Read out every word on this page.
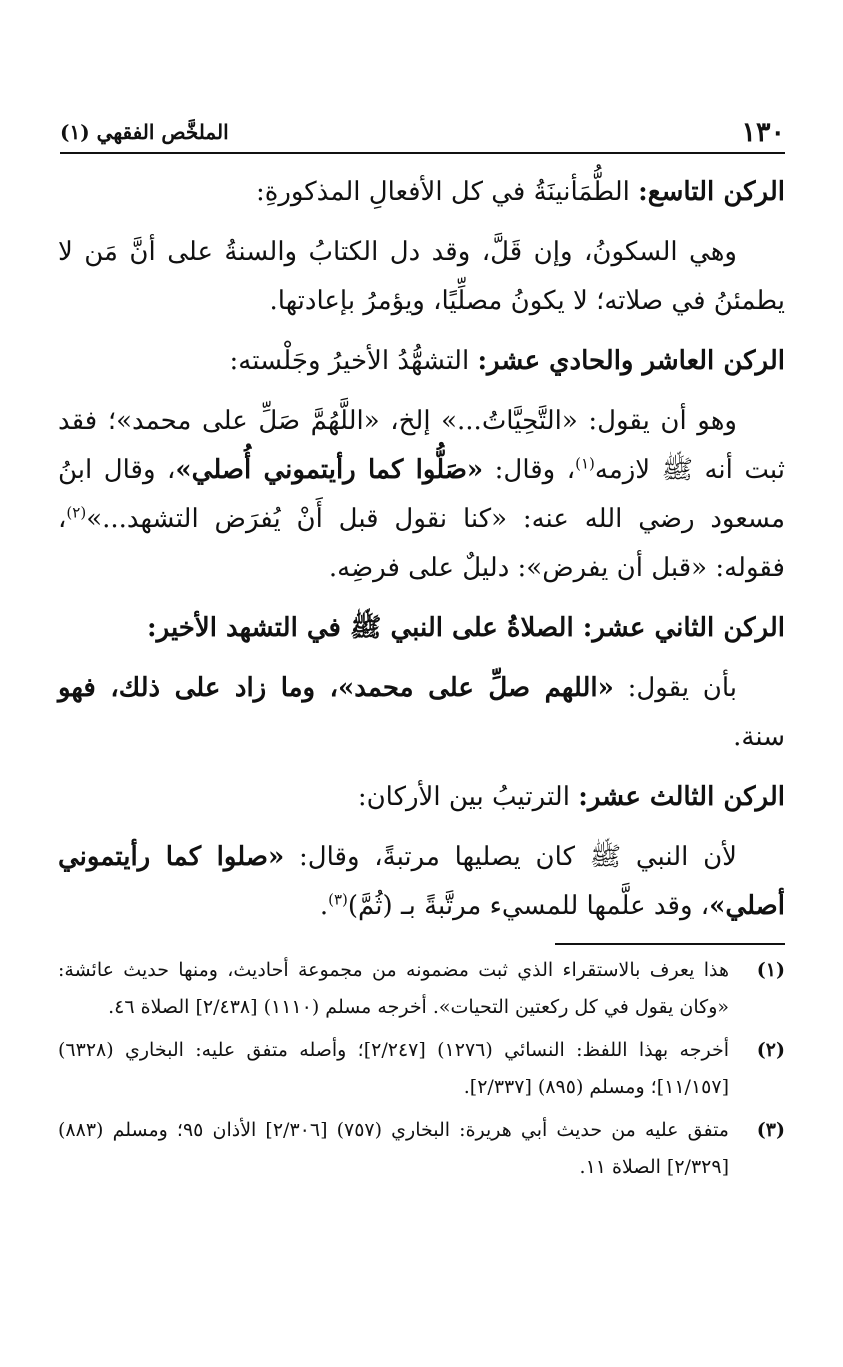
الملخَّص الفقهي (١)	١٣٠

الركن التاسع: الطُّمَأنينَةُ في كل الأفعالِ المذكورةِ:

وهي السكونُ، وإن قَلَّ، وقد دل الكتابُ والسنةُ على أنَّ مَن لا يطمئنُ في صلاته؛ لا يكونُ مصلِّيًا، ويؤمرُ بإعادتها.

الركن العاشر والحادي عشر: التشهُّدُ الأخيرُ وجَلْسته:

وهو أن يقول: «التَّحِيَّاتُ...» إلخ، «اللَّهُمَّ صَلِّ على محمد»؛ فقد ثبت أنه ﷺ لازمه$^{(١)}$، وقال: «صَلُّوا كما رأيتموني أُصلي»، وقال ابنُ مسعود رضي الله عنه: «كنا نقول قبل أَنْ يُفرَض التشهد...»$^{(٢)}$، فقوله: «قبل أن يفرض»: دليلٌ على فرضِه.

الركن الثاني عشر: الصلاةُ على النبي ﷺ في التشهد الأخير:

بأن يقول: «اللهم صلِّ على محمد»، وما زاد على ذلك، فهو سنة.

الركن الثالث عشر: الترتيبُ بين الأركان:

لأن النبي ﷺ كان يصليها مرتبةً، وقال: «صلوا كما رأيتموني أصلي»، وقد علَّمها للمسيء مرتَّبةً بـ (ثُمَّ)$^{(٣)}$.

(١)
هذا يعرف بالاستقراء الذي ثبت مضمونه من مجموعة أحاديث، ومنها حديث عائشة: «وكان يقول في كل ركعتين التحيات». أخرجه مسلم (١١١٠) [٢/٤٣٨] الصلاة ٤٦.
(٢)
أخرجه بهذا اللفظ: النسائي (١٢٧٦) [٢/٢٤٧]؛ وأصله متفق عليه: البخاري (٦٣٢٨) [١١/١٥٧]؛ ومسلم (٨٩٥) [٢/٣٣٧].
(٣)
متفق عليه من حديث أبي هريرة: البخاري (٧٥٧) [٢/٣٠٦] الأذان ٩٥؛ ومسلم (٨٨٣) [٢/٣٢٩] الصلاة ١١.
